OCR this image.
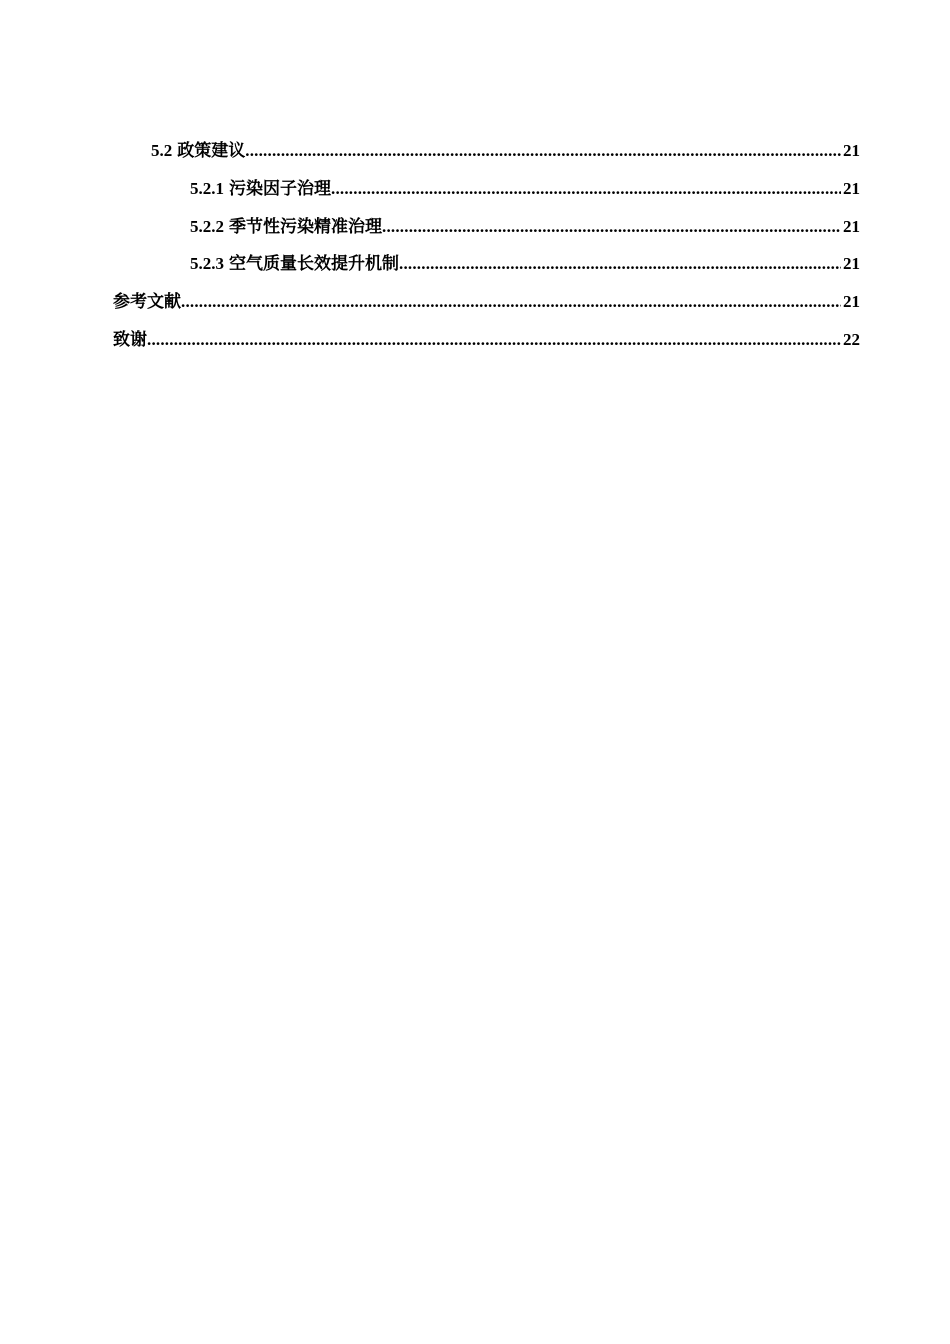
5.2 政策建议 .....	21
5.2.1 污染因子治理 .....	21
5.2.2 季节性污染精准治理 .....	21
5.2.3 空气质量长效提升机制 .....	21
参考文献 .....	21
致谢 .....	22
